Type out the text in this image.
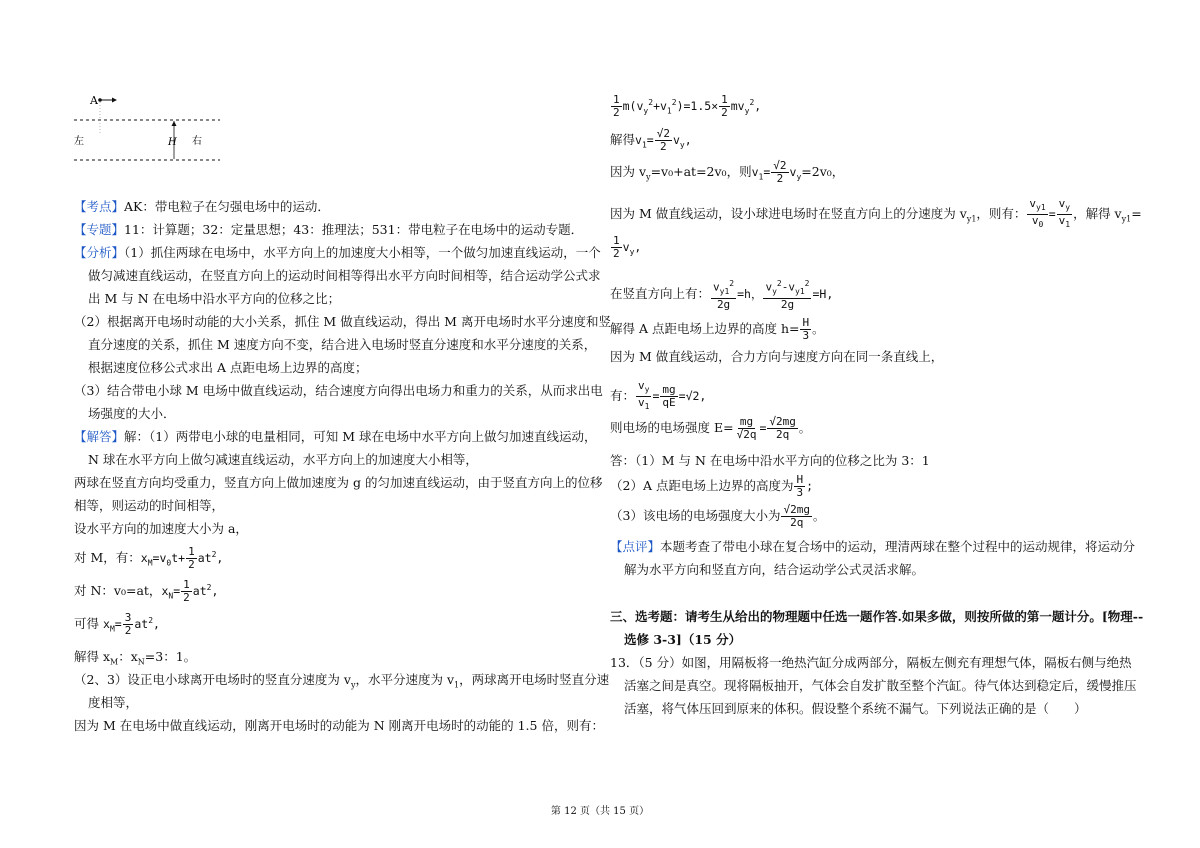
A
左	H 右
【考点】AK：带电粒子在匀强电场中的运动．
【专题】11：计算题；32：定量思想；43：推理法；531：带电粒子在电场中的运动专题．
【分析】（1）抓住两球在电场中，水平方向上的加速度大小相等，一个做匀加速直线运动，一个
做匀减速直线运动，在竖直方向上的运动时间相等得出水平方向时间相等，结合运动学公式求
出 M 与 N 在电场中沿水平方向的位移之比；
（2）根据离开电场时动能的大小关系，抓住 M 做直线运动，得出 M 离开电场时水平分速度和竖
直分速度的关系，抓住 M 速度方向不变，结合进入电场时竖直分速度和水平分速度的关系，
根据速度位移公式求出 A 点距电场上边界的高度；
（3）结合带电小球 M 电场中做直线运动，结合速度方向得出电场力和重力的关系，从而求出电
场强度的大小．
【解答】解：（1）两带电小球的电量相同，可知 M 球在电场中水平方向上做匀加速直线运动，
N 球在水平方向上做匀减速直线运动，水平方向上的加速度大小相等，
两球在竖直方向均受重力，竖直方向上做加速度为 g 的匀加速直线运动，由于竖直方向上的位移
相等，则运动的时间相等，
设水平方向的加速度大小为 a，
对 M，有：$x_M=v_0t+ \frac{1}{2} at^2$,
对 N：v₀=at，$x_N= \frac{1}{2} at^2$,
可得 $x_M= \frac{3}{2} at^2$,
解得 $x_M$：$x_N=3$：1。
（2、3）设正电小球离开电场时的竖直分速度为 $v_y$，水平分速度为 $v_1$，两球离开电场时竖直分速
度相等，
因为 M 在电场中做直线运动，刚离开电场时的动能为 N 刚离开电场时的动能的 1.5 倍，则有：
$\frac{1}{2} m(v_y^2+v_1^2)=1.5\times \frac{1}{2} mv_y^2$,
解得$v_1= \frac{√2}{2} v_y$,
因为 $v_y=v_0+at=2v_0$，则$v_1= \frac{√2}{2} v_y=2v_0$，
因为 M 做直线运动，设小球进电场时在竖直方向上的分速度为 $v_{y1}$，则有： $\frac{v_{y1}}{v_0} = \frac{v_y}{v_1}$ ，解得 $v_{y1}=$
$\frac{1}{2} v_y$,
在竖直方向上有： $\frac{v_{y1}^2}{2g} =h$， $\frac{v_y^2-v_{y1}^2}{2g} =H$,
解得 A 点距电场上边界的高度 $h= \frac{H}{3}$ 。
因为 M 做直线运动，合力方向与速度方向在同一条直线上，
有： $\frac{v_y}{v_1} = \frac{mg}{qE} =√2$,
则电场的电场强度 $E= \frac{mg}{√2q} = \frac{√2mg}{2q}$ 。
答：（1）M 与 N 在电场中沿水平方向的位移之比为 3：1
（2）A 点距电场上边界的高度为 $\frac{H}{3}$ ;
（3）该电场的电场强度大小为 $\frac{√2mg}{2q}$ 。
【点评】本题考查了带电小球在复合场中的运动，理清两球在整个过程中的运动规律，将运动分
解为水平方向和竖直方向，结合运动学公式灵活求解。
三、选考题：请考生从给出的物理题中任选一题作答.如果多做，则按所做的第一题计分。[物理--
选修 3-3]（15 分）
13．（5 分）如图，用隔板将一绝热汽缸分成两部分，隔板左侧充有理想气体，隔板右侧与绝热
活塞之间是真空。现将隔板抽开，气体会自发扩散至整个汽缸。待气体达到稳定后，缓慢推压
活塞，将气体压回到原来的体积。假设整个系统不漏气。下列说法正确的是（　　）
第 12 页（共 15 页）
